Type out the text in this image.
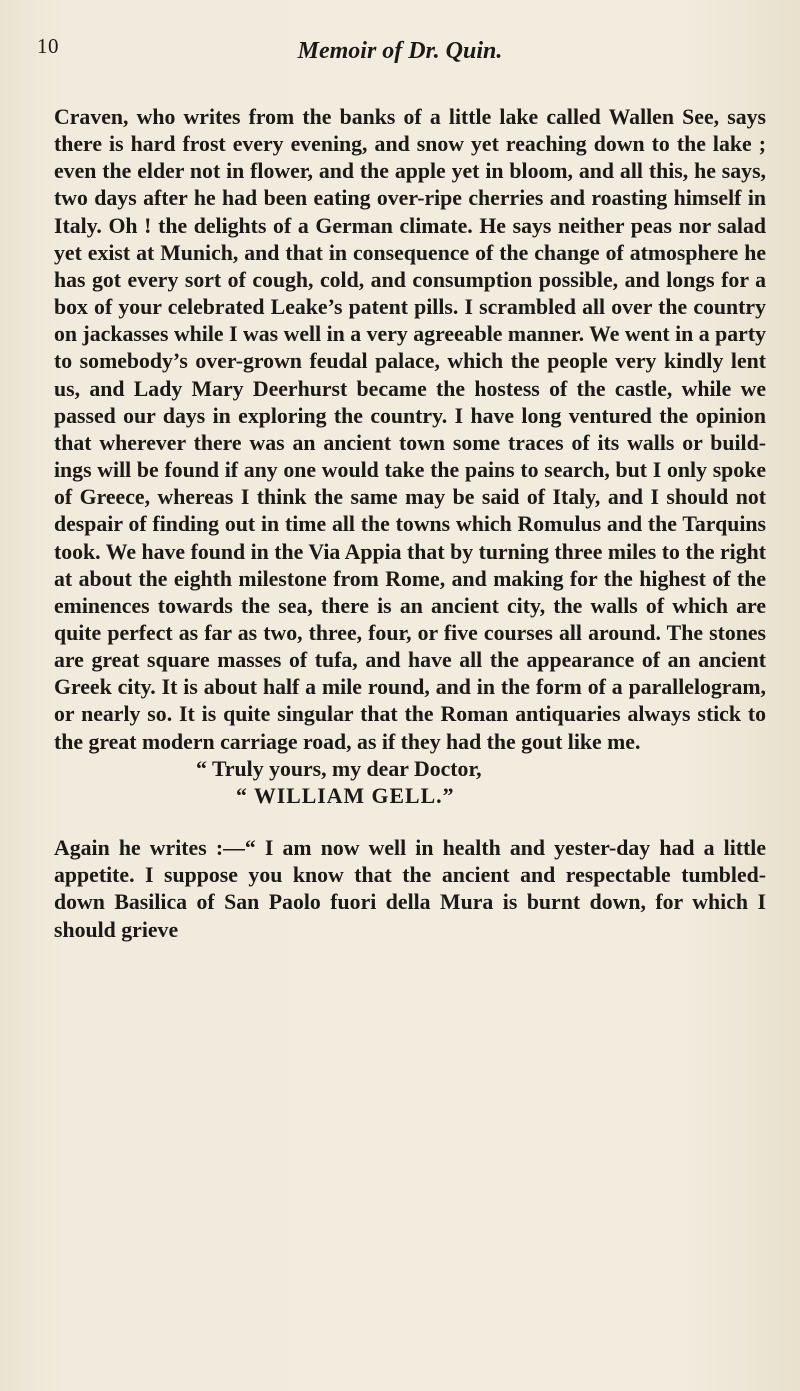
10	Memoir of Dr. Quin.

Craven, who writes from the banks of a little lake called Wallen See, says there is hard frost every evening, and snow yet reaching down to the lake ; even the elder not in flower, and the apple yet in bloom, and all this, he says, two days after he had been eating over-ripe cherries and roasting himself in Italy. Oh ! the delights of a German climate. He says neither peas nor salad yet exist at Munich, and that in consequence of the change of atmosphere he has got every sort of cough, cold, and consumption possible, and longs for a box of your celebrated Leake’s patent pills. I scrambled all over the country on jackasses while I was well in a very agreeable manner. We went in a party to somebody’s over-grown feudal palace, which the people very kindly lent us, and Lady Mary Deerhurst became the hostess of the castle, while we passed our days in exploring the country. I have long ventured the opinion that wherever there was an ancient town some traces of its walls or build-ings will be found if any one would take the pains to search, but I only spoke of Greece, whereas I think the same may be said of Italy, and I should not despair of finding out in time all the towns which Romulus and the Tarquins took. We have found in the Via Appia that by turning three miles to the right at about the eighth milestone from Rome, and making for the highest of the eminences towards the sea, there is an ancient city, the walls of which are quite perfect as far as two, three, four, or five courses all around. The stones are great square masses of tufa, and have all the appearance of an ancient Greek city. It is about half a mile round, and in the form of a parallelogram, or nearly so. It is quite singular that the Roman antiquaries always stick to the great modern carriage road, as if they had the gout like me.

“ Truly yours, my dear Doctor,

“ WILLIAM GELL.”

Again he writes :—“ I am now well in health and yester-day had a little appetite. I suppose you know that the ancient and respectable tumbled-down Basilica of San Paolo fuori della Mura is burnt down, for which I should grieve
